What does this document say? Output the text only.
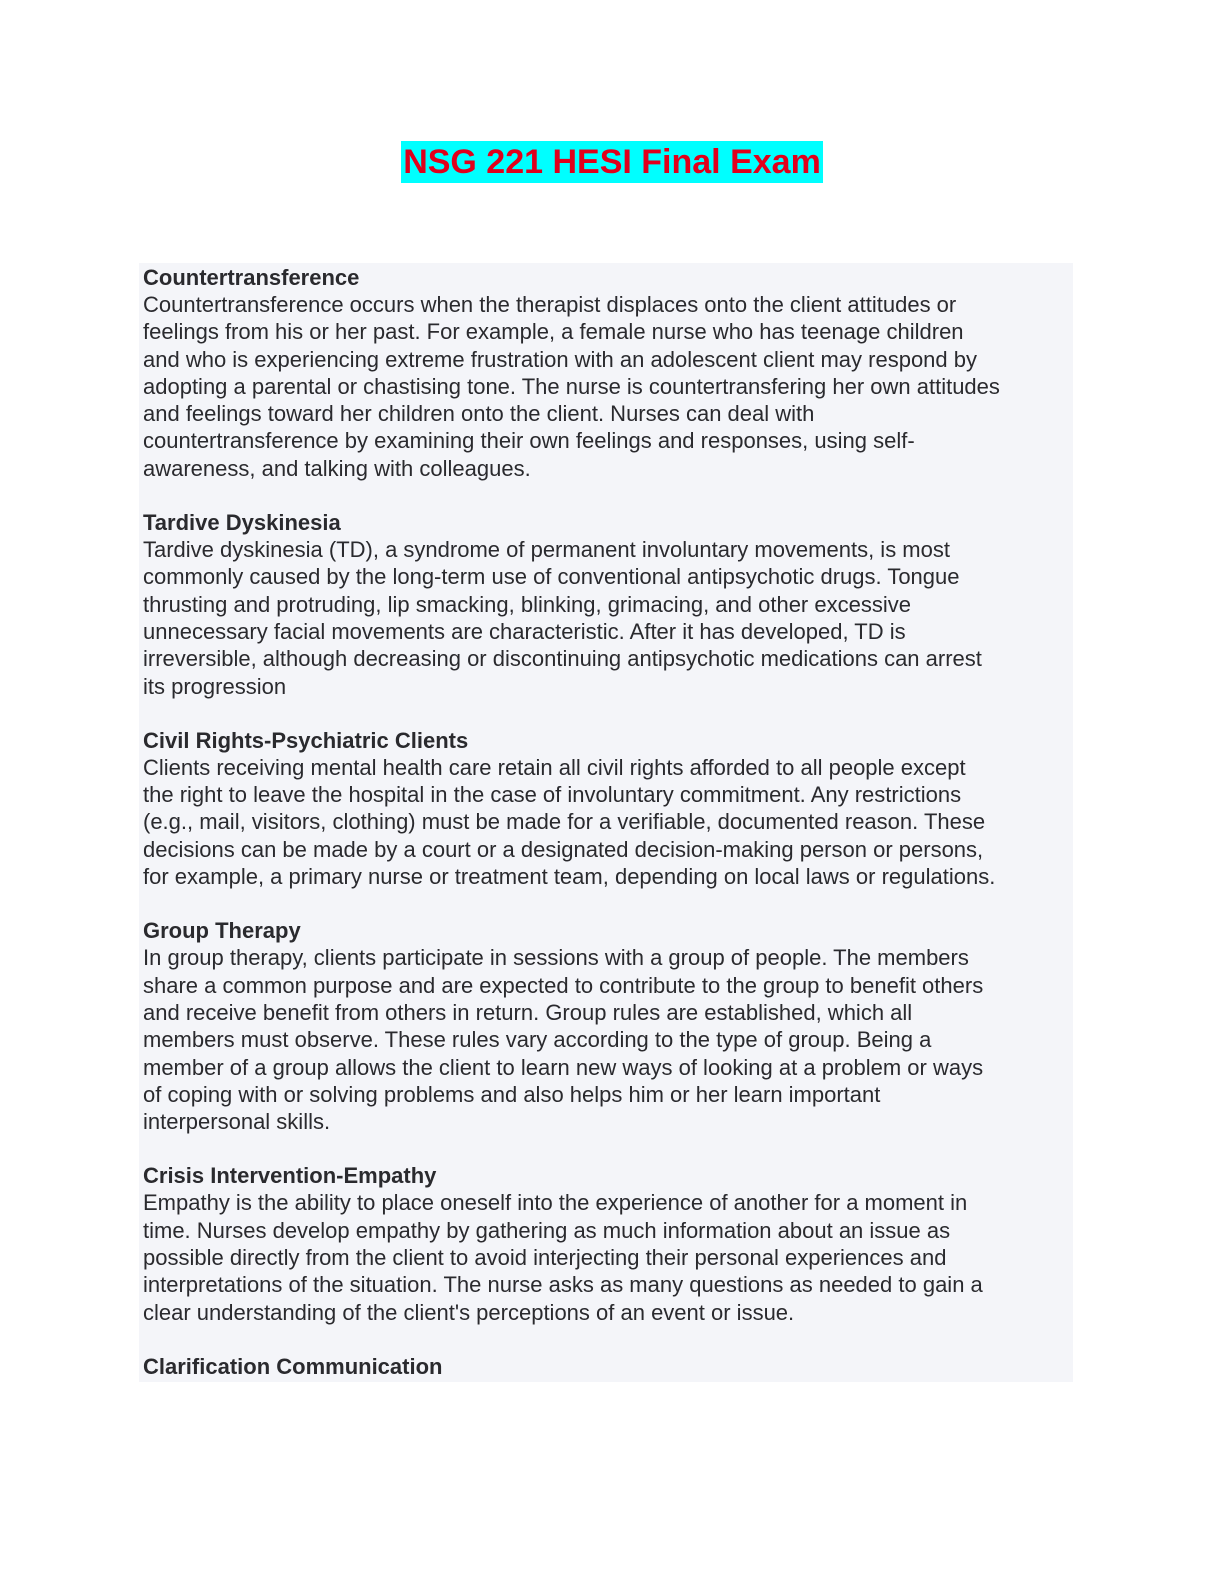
NSG 221 HESI Final Exam
Countertransference
Countertransference occurs when the therapist displaces onto the client attitudes or
feelings from his or her past. For example, a female nurse who has teenage children
and who is experiencing extreme frustration with an adolescent client may respond by
adopting a parental or chastising tone. The nurse is countertransfering her own attitudes
and feelings toward her children onto the client. Nurses can deal with
countertransference by examining their own feelings and responses, using self-
awareness, and talking with colleagues.
Tardive Dyskinesia
Tardive dyskinesia (TD), a syndrome of permanent involuntary movements, is most
commonly caused by the long-term use of conventional antipsychotic drugs. Tongue
thrusting and protruding, lip smacking, blinking, grimacing, and other excessive
unnecessary facial movements are characteristic. After it has developed, TD is
irreversible, although decreasing or discontinuing antipsychotic medications can arrest
its progression
Civil Rights-Psychiatric Clients
Clients receiving mental health care retain all civil rights afforded to all people except
the right to leave the hospital in the case of involuntary commitment. Any restrictions
(e.g., mail, visitors, clothing) must be made for a verifiable, documented reason. These
decisions can be made by a court or a designated decision-making person or persons,
for example, a primary nurse or treatment team, depending on local laws or regulations.
Group Therapy
In group therapy, clients participate in sessions with a group of people. The members
share a common purpose and are expected to contribute to the group to benefit others
and receive benefit from others in return. Group rules are established, which all
members must observe. These rules vary according to the type of group. Being a
member of a group allows the client to learn new ways of looking at a problem or ways
of coping with or solving problems and also helps him or her learn important
interpersonal skills.
Crisis Intervention-Empathy
Empathy is the ability to place oneself into the experience of another for a moment in
time. Nurses develop empathy by gathering as much information about an issue as
possible directly from the client to avoid interjecting their personal experiences and
interpretations of the situation. The nurse asks as many questions as needed to gain a
clear understanding of the client's perceptions of an event or issue.
Clarification Communication
